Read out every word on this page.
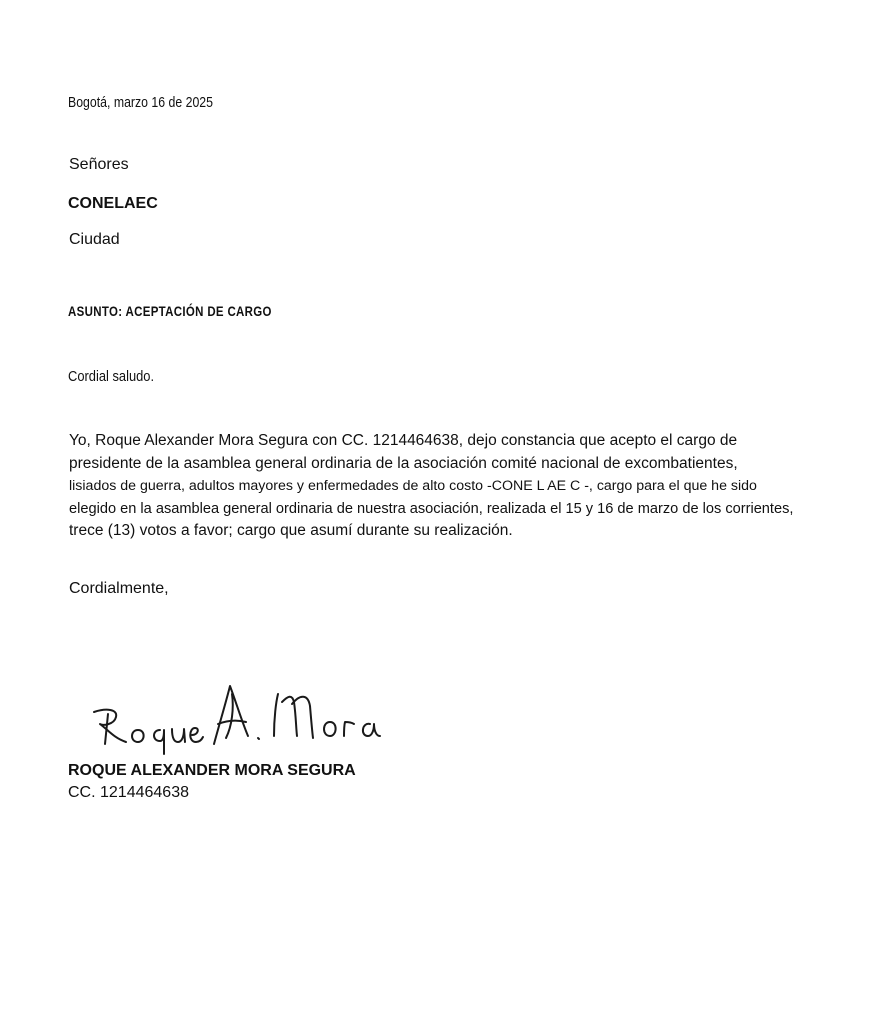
Bogotá, marzo 16 de 2025
Señores
CONELAEC
Ciudad
ASUNTO: ACEPTACIÓN DE CARGO
Cordial saludo.
Yo, Roque Alexander Mora Segura con CC. 1214464638, dejo constancia que acepto el cargo de
presidente de la asamblea general ordinaria de la asociación comité nacional de excombatientes,
lisiados de guerra, adultos mayores y enfermedades de alto costo -CONE L AE C -, cargo para el que he sido
elegido en la asamblea general ordinaria de nuestra asociación, realizada el 15 y 16 de marzo de los corrientes,
trece (13) votos a favor; cargo que asumí durante su realización.
Cordialmente,
ROQUE ALEXANDER MORA SEGURA
CC. 1214464638
